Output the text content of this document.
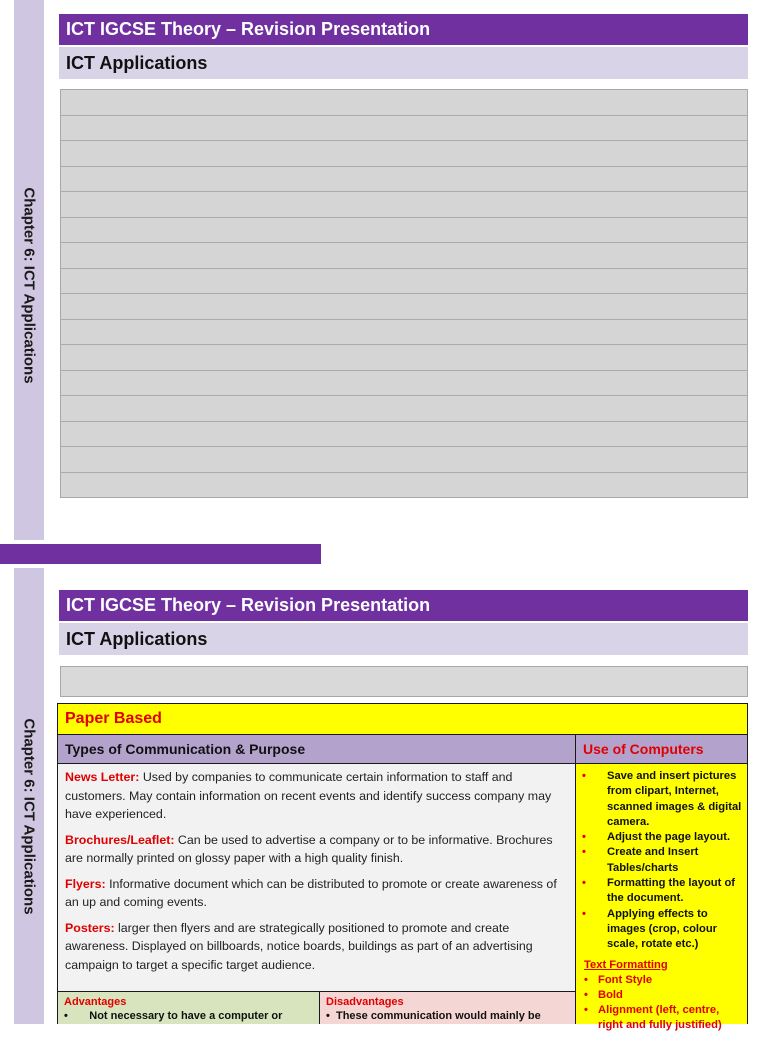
Chapter 6: ICT Applications
ICT IGCSE Theory – Revision Presentation
ICT Applications
Chapter 6: ICT Applications
ICT IGCSE Theory – Revision Presentation
ICT Applications
Paper Based
Types of Communication & Purpose

News Letter: Used by companies to communicate certain information to staff and customers. May contain information on recent events and identify success company may have experienced.

Brochures/Leaflet: Can be used to advertise a company or to be informative. Brochures are normally printed on glossy paper with a high quality finish.

Flyers: Informative document which can be distributed to promote or create awareness of an up and coming events.

Posters: larger then flyers and are strategically positioned to promote and create awareness. Displayed on billboards, notice boards, buildings as part of an advertising campaign to target a specific target audience.

Advantages
•       Not necessary to have a computer or
Disadvantages
•  These communication would mainly be
Use of Computers
• Save and insert pictures from clipart, Internet, scanned images & digital camera.
• Adjust the page layout.
• Create and Insert Tables/charts
• Formatting the layout of the document.
• Applying effects to images (crop, colour scale, rotate etc.)
Text Formatting
• Font Style
• Bold
• Alignment (left, centre, right and fully justified)
